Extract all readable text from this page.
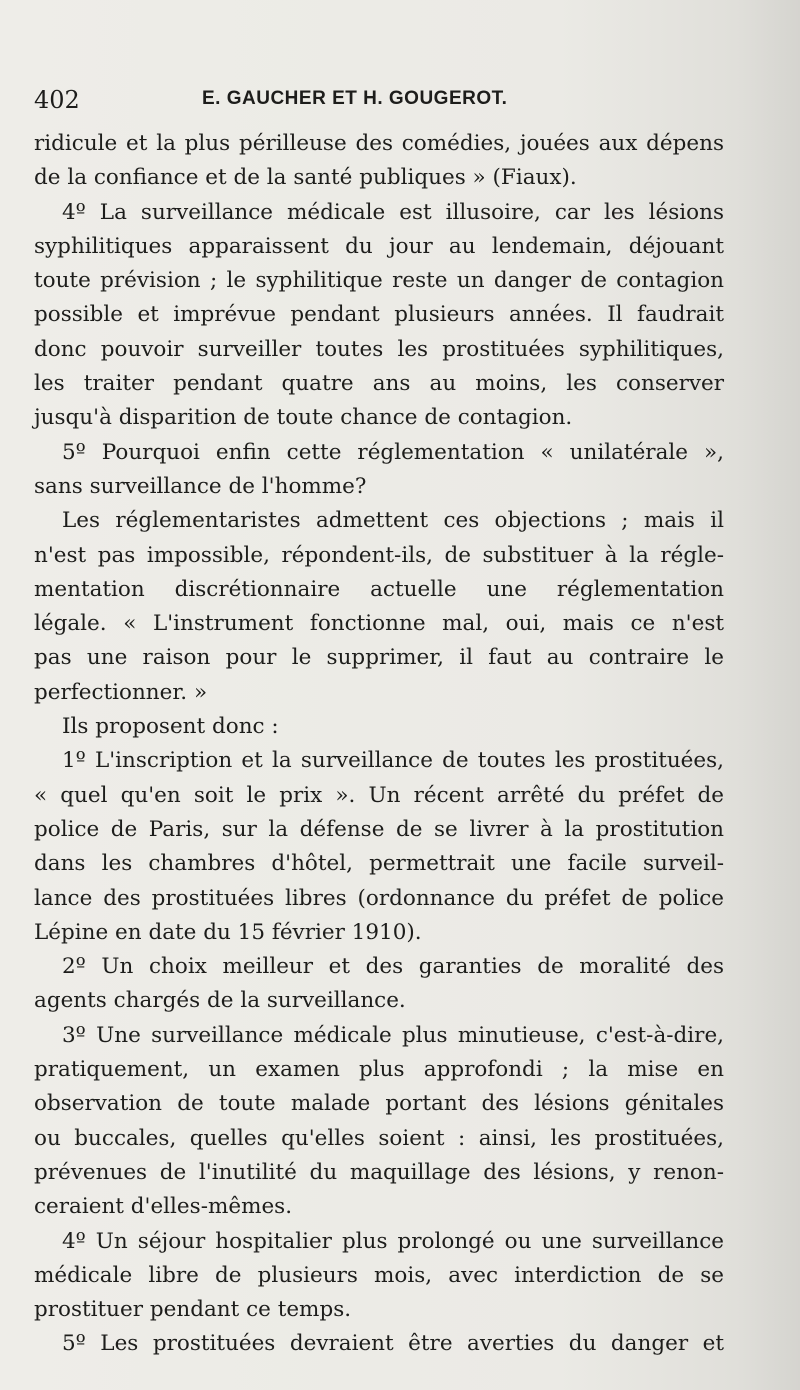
402	E. GAUCHER ET H. GOUGEROT.
ridicule et la plus périlleuse des comédies, jouées aux dépens
de la confiance et de la santé publiques » (Fiaux).
4º La surveillance médicale est illusoire, car les lésions
syphilitiques apparaissent du jour au lendemain, déjouant
toute prévision ; le syphilitique reste un danger de contagion
possible et imprévue pendant plusieurs années. Il faudrait
donc pouvoir surveiller toutes les prostituées syphilitiques,
les traiter pendant quatre ans au moins, les conserver
jusqu'à disparition de toute chance de contagion.
5º Pourquoi enfin cette réglementation « unilatérale »,
sans surveillance de l'homme?
Les réglementaristes admettent ces objections ; mais il
n'est pas impossible, répondent-ils, de substituer à la régle-
mentation discrétionnaire actuelle une réglementation
légale. « L'instrument fonctionne mal, oui, mais ce n'est
pas une raison pour le supprimer, il faut au contraire le
perfectionner. »
Ils proposent donc :
1º L'inscription et la surveillance de toutes les prostituées,
« quel qu'en soit le prix ». Un récent arrêté du préfet de
police de Paris, sur la défense de se livrer à la prostitution
dans les chambres d'hôtel, permettrait une facile surveil-
lance des prostituées libres (ordonnance du préfet de police
Lépine en date du 15 février 1910).
2º Un choix meilleur et des garanties de moralité des
agents chargés de la surveillance.
3º Une surveillance médicale plus minutieuse, c'est-à-dire,
pratiquement, un examen plus approfondi ; la mise en
observation de toute malade portant des lésions génitales
ou buccales, quelles qu'elles soient : ainsi, les prostituées,
prévenues de l'inutilité du maquillage des lésions, y renon-
ceraient d'elles-mêmes.
4º Un séjour hospitalier plus prolongé ou une surveillance
médicale libre de plusieurs mois, avec interdiction de se
prostituer pendant ce temps.
5º Les prostituées devraient être averties du danger et
